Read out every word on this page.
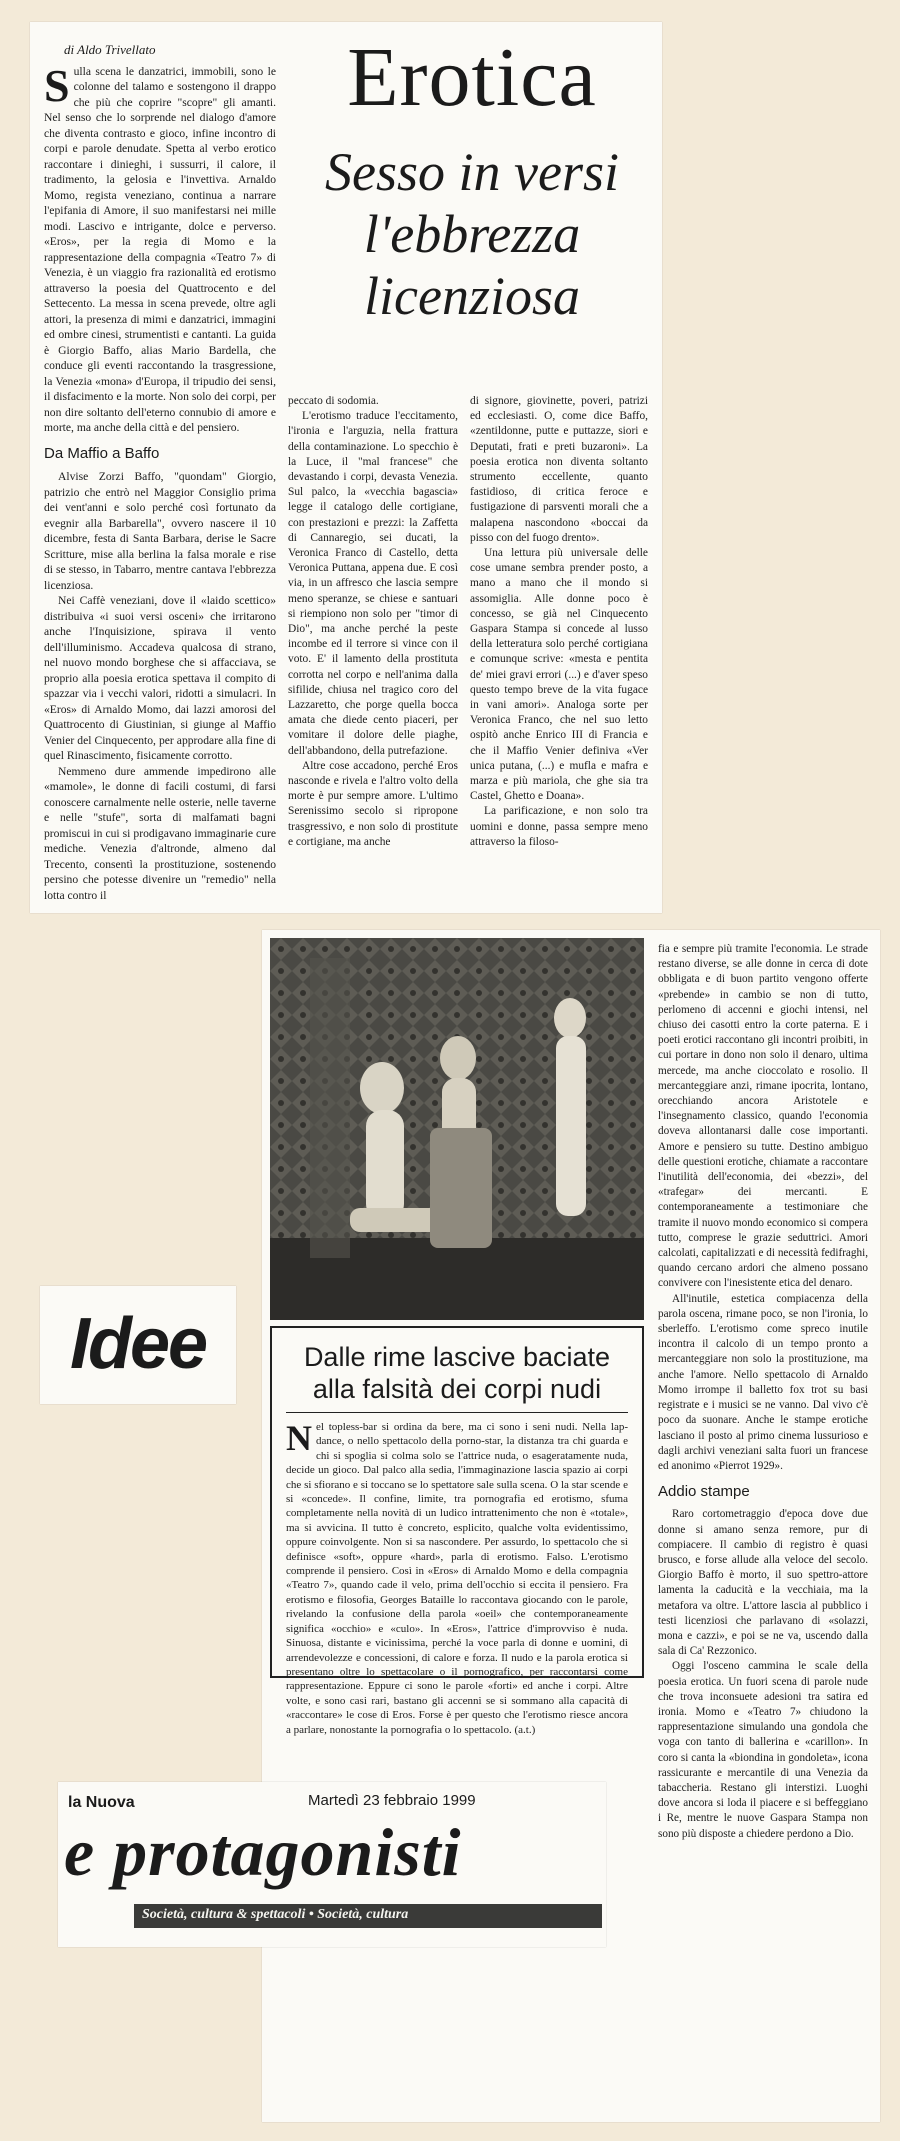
di Aldo Trivellato

Sulla scena le danzatrici, immobili, sono le colonne del talamo e sostengono il drappo che più che coprire "scopre" gli amanti. Nel senso che lo sorprende nel dialogo d'amore che diventa contrasto e gioco, infine incontro di corpi e parole denudate. Spetta al verbo erotico raccontare i dinieghi, i sussurri, il calore, il tradimento, la gelosia e l'invettiva. Arnaldo Momo, regista veneziano, continua a narrare l'epifania di Amore, il suo manifestarsi nei mille modi. Lascivo e intrigante, dolce e perverso. «Eros», per la regia di Momo e la rappresentazione della compagnia «Teatro 7» di Venezia, è un viaggio fra razionalità ed erotismo attraverso la poesia del Quattrocento e del Settecento. La messa in scena prevede, oltre agli attori, la presenza di mimi e danzatrici, immagini ed ombre cinesi, strumentisti e cantanti. La guida è Giorgio Baffo, alias Mario Bardella, che conduce gli eventi raccontando la trasgressione, la Venezia «mona» d'Europa, il tripudio dei sensi, il disfacimento e la morte. Non solo dei corpi, per non dire soltanto dell'eterno connubio di amore e morte, ma anche della città e del pensiero.

Da Maffio a Baffo

Alvise Zorzi Baffo, "quondam" Giorgio, patrizio che entrò nel Maggior Consiglio prima dei vent'anni e solo perché così fortunato da evegnir alla Barbarella", ovvero nascere il 10 dicembre, festa di Santa Barbara, derise le Sacre Scritture, mise alla berlina la falsa morale e rise di se stesso, in Tabarro, mentre cantava l'ebbrezza licenziosa.

Nei Caffè veneziani, dove il «laido scettico» distribuiva «i suoi versi osceni» che irritarono anche l'Inquisizione, spirava il vento dell'illuminismo. Accadeva qualcosa di strano, nel nuovo mondo borghese che si affacciava, se proprio alla poesia erotica spettava il compito di spazzar via i vecchi valori, ridotti a simulacri. In «Eros» di Arnaldo Momo, dai lazzi amorosi del Quattrocento di Giustinian, si giunge al Maffio Venier del Cinquecento, per approdare alla fine di quel Rinascimento, fisicamente corrotto.

Nemmeno dure ammende impedirono alle «mamole», le donne di facili costumi, di farsi conoscere carnalmente nelle osterie, nelle taverne e nelle "stufe", sorta di malfamati bagni promiscui in cui si prodigavano immaginarie cure mediche. Venezia d'altronde, almeno dal Trecento, consentì la prostituzione, sostenendo persino che potesse divenire un "remedio" nella lotta contro il

Erotica
Sesso in versi
l'ebbrezza
licenziosa

peccato di sodomia.

L'erotismo traduce l'eccitamento, l'ironia e l'arguzia, nella frattura della contaminazione. Lo specchio è la Luce, il "mal francese" che devastando i corpi, devasta Venezia. Sul palco, la «vecchia bagascia» legge il catalogo delle cortigiane, con prestazioni e prezzi: la Zaffetta di Cannaregio, sei ducati, la Veronica Franco di Castello, detta Veronica Puttana, appena due. E così via, in un affresco che lascia sempre meno speranze, se chiese e santuari si riempiono non solo per "timor di Dio", ma anche perché la peste incombe ed il terrore si vince con il voto. E' il lamento della prostituta corrotta nel corpo e nell'anima dalla sifilide, chiusa nel tragico coro del Lazzaretto, che porge quella bocca amata che diede cento piaceri, per vomitare il dolore delle piaghe, dell'abbandono, della putrefazione.

Altre cose accadono, perché Eros nasconde e rivela e l'altro volto della morte è pur sempre amore. L'ultimo Serenissimo secolo si ripropone trasgressivo, e non solo di prostitute e cortigiane, ma anche

di signore, giovinette, poveri, patrizi ed ecclesiasti. O, come dice Baffo, «zentildonne, putte e puttazze, siori e Deputati, frati e preti buzaroni». La poesia erotica non diventa soltanto strumento eccellente, quanto fastidioso, di critica feroce e fustigazione di parsventi morali che a malapena nascondono «boccai da pisso con del fuogo drento».

Una lettura più universale delle cose umane sembra prender posto, a mano a mano che il mondo si assomiglia. Alle donne poco è concesso, se già nel Cinquecento Gaspara Stampa si concede al lusso della letteratura solo perché cortigiana e comunque scrive: «mesta e pentita de' miei gravi errori (...) e d'aver speso questo tempo breve de la vita fugace in vani amori». Analoga sorte per Veronica Franco, che nel suo letto ospitò anche Enrico III di Francia e che il Maffio Venier definiva «Ver unica putana, (...) e mufla e mafra e marza e più mariola, che ghe sia tra Castel, Ghetto e Doana».

La parificazione, e non solo tra uomini e donne, passa sempre meno attraverso la filoso-

Dalle rime lascive baciate
alla falsità dei corpi nudi

Nel topless-bar si ordina da bere, ma ci sono i seni nudi. Nella lap-dance, o nello spettacolo della porno-star, la distanza tra chi guarda e chi si spoglia si colma solo se l'attrice nuda, o esageratamente nuda, decide un gioco. Dal palco alla sedia, l'immaginazione lascia spazio ai corpi che si sfiorano e si toccano se lo spettatore sale sulla scena. O la star scende e si «concede». Il confine, limite, tra pornografia ed erotismo, sfuma completamente nella novità di un ludico intrattenimento che non è «totale», ma si avvicina. Il tutto è concreto, esplicito, qualche volta evidentissimo, oppure coinvolgente. Non si sa nascondere. Per assurdo, lo spettacolo che si definisce «soft», oppure «hard», parla di erotismo. Falso. L'erotismo comprende il pensiero. Così in «Eros» di Arnaldo Momo e della compagnia «Teatro 7», quando cade il velo, prima dell'occhio si eccita il pensiero. Fra erotismo e filosofia, Georges Bataille lo raccontava giocando con le parole, rivelando la confusione della parola «oeil» che contemporaneamente significa «occhio» e «culo». In «Eros», l'attrice d'improvviso è nuda. Sinuosa, distante e vicinissima, perché la voce parla di donne e uomini, di arrendevolezze e concessioni, di calore e forza. Il nudo e la parola erotica si presentano oltre lo spettacolare o il pornografico, per raccontarsi come rappresentazione. Eppure ci sono le parole «forti» ed anche i corpi. Altre volte, e sono casi rari, bastano gli accenni se si sommano alla capacità di «raccontare» le cose di Eros. Forse è per questo che l'erotismo riesce ancora a parlare, nonostante la pornografia o lo spettacolo. (a.t.)

fia e sempre più tramite l'economia. Le strade restano diverse, se alle donne in cerca di dote obbligata e di buon partito vengono offerte «prebende» in cambio se non di tutto, perlomeno di accenni e giochi intensi, nel chiuso dei casotti entro la corte paterna. E i poeti erotici raccontano gli incontri proibiti, in cui portare in dono non solo il denaro, ultima mercede, ma anche cioccolato e rosolio. Il mercanteggiare anzi, rimane ipocrita, lontano, orecchiando ancora Aristotele e l'insegnamento classico, quando l'economia doveva allontanarsi dalle cose importanti. Amore e pensiero su tutte. Destino ambiguo delle questioni erotiche, chiamate a raccontare l'inutilità dell'economia, dei «bezzi», del «trafegar» dei mercanti. E contemporaneamente a testimoniare che tramite il nuovo mondo economico si compera tutto, comprese le grazie seduttrici. Amori calcolati, capitalizzati e di necessità fedifraghi, quando cercano ardori che almeno possano convivere con l'inesistente etica del denaro.

All'inutile, estetica compiacenza della parola oscena, rimane poco, se non l'ironia, lo sberleffo. L'erotismo come spreco inutile incontra il calcolo di un tempo pronto a mercanteggiare non solo la prostituzione, ma anche l'amore. Nello spettacolo di Arnaldo Momo irrompe il balletto fox trot su basi registrate e i musici se ne vanno. Dal vivo c'è poco da suonare. Anche le stampe erotiche lasciano il posto al primo cinema lussurioso e dagli archivi veneziani salta fuori un francese ed anonimo «Pierrot 1929».

Addio stampe

Raro cortometraggio d'epoca dove due donne si amano senza remore, pur di compiacere. Il cambio di registro è quasi brusco, e forse allude alla veloce del secolo. Giorgio Baffo è morto, il suo spettro-attore lamenta la caducità e la vecchiaia, ma la metafora va oltre. L'attore lascia al pubblico i testi licenziosi che parlavano di «solazzi, mona e cazzi», e poi se ne va, uscendo dalla sala di Ca' Rezzonico.

Oggi l'osceno cammina le scale della poesia erotica. Un fuori scena di parole nude che trova inconsuete adesioni tra satira ed ironia. Momo e «Teatro 7» chiudono la rappresentazione simulando una gondola che voga con tanto di ballerina e «carillon». In coro si canta la «biondina in gondoleta», icona rassicurante e mercantile di una Venezia da tabaccheria. Restano gli interstizi. Luoghi dove ancora si loda il piacere e si beffeggiano i Re, mentre le nuove Gaspara Stampa non sono più disposte a chiedere perdono a Dio.

Idee
la Nuova	Martedì 23 febbraio 1999
e protagonisti
Società, cultura & spettacoli • Società, cultura
